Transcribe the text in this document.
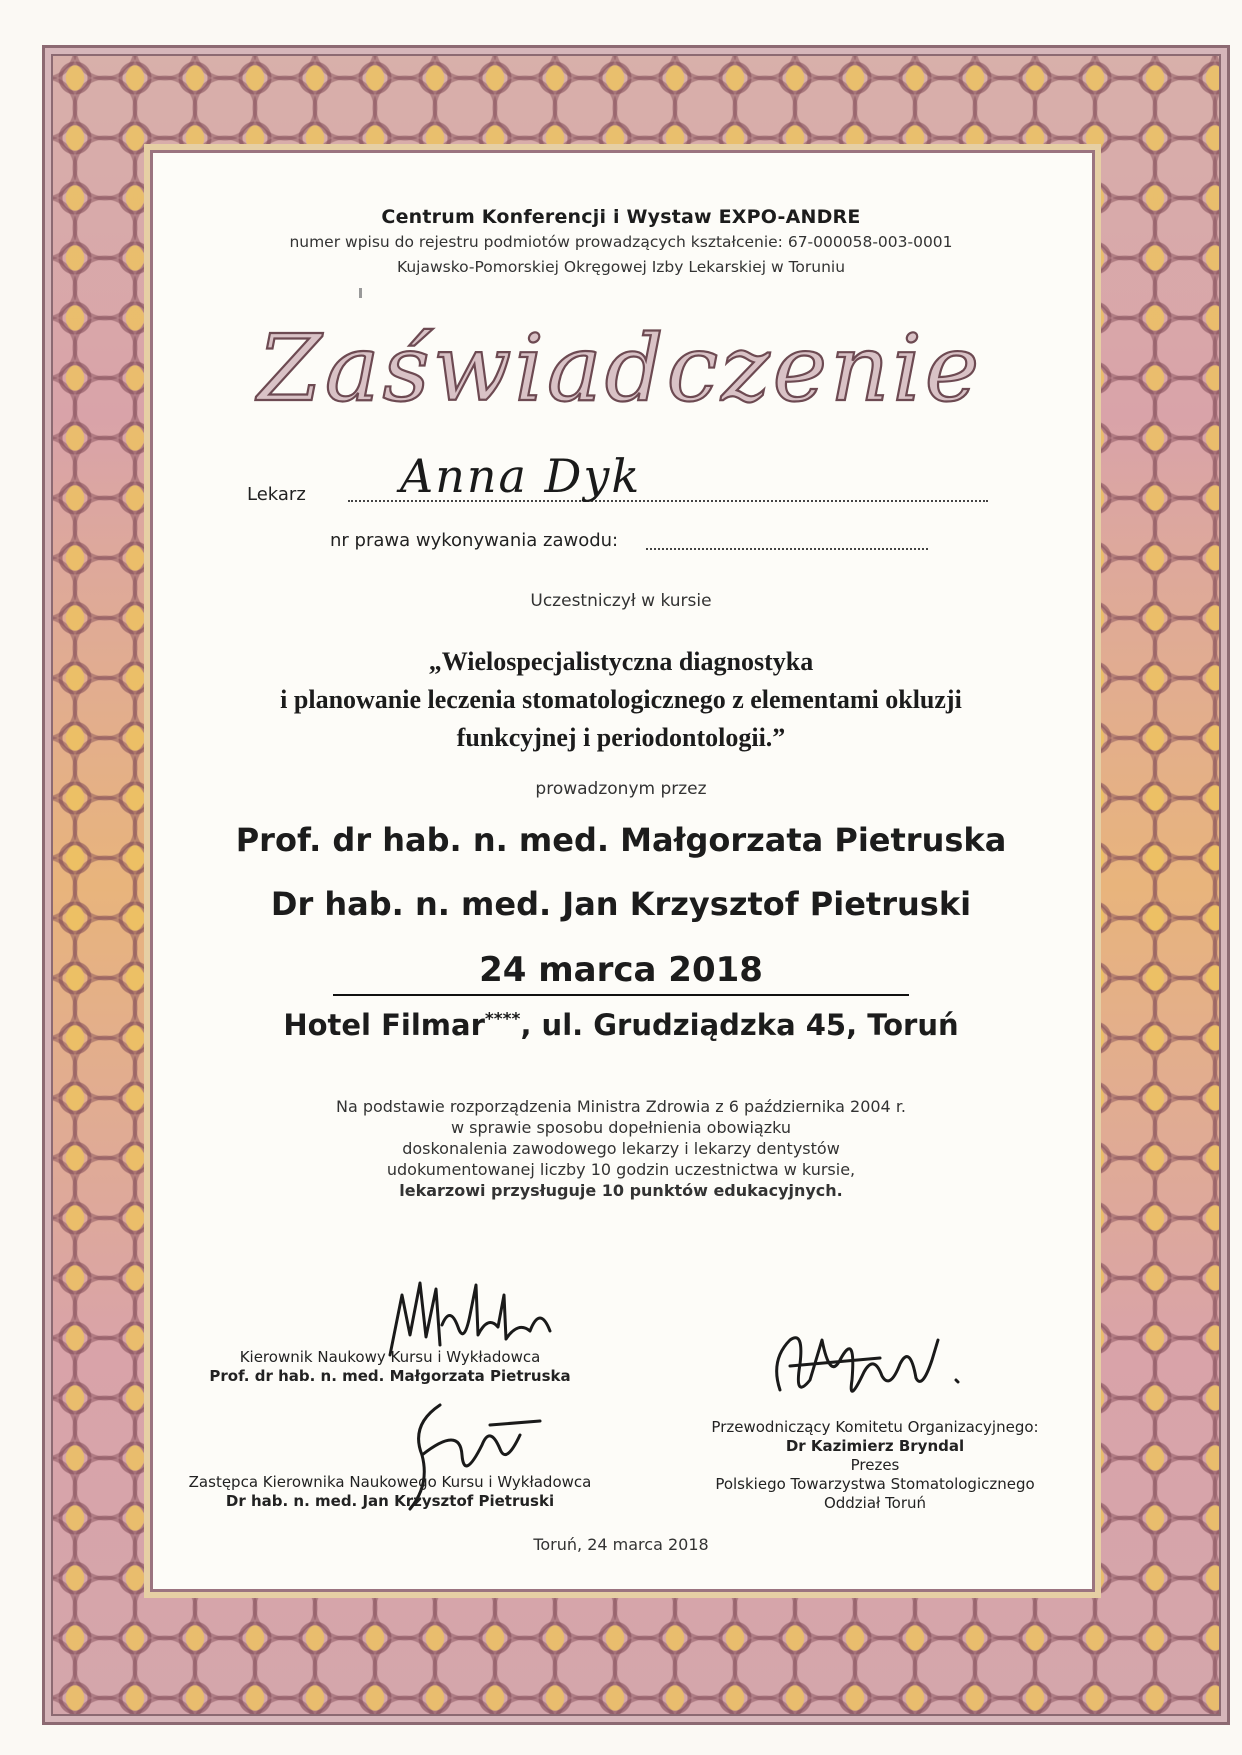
Centrum Konferencji i Wystaw EXPO-ANDRE
numer wpisu do rejestru podmiotów prowadzących kształcenie: 67-000058-003-0001
Kujawsko-Pomorskiej Okręgowej Izby Lekarskiej w Toruniu
Zaświadczenie
Lekarz Anna Dyk
nr prawa wykonywania zawodu:
Uczestniczył w kursie
„Wielospecjalistyczna diagnostyka
i planowanie leczenia stomatologicznego z elementami okluzji
funkcyjnej i periodontologii.”
prowadzonym przez
Prof. dr hab. n. med. Małgorzata Pietruska
Dr hab. n. med. Jan Krzysztof Pietruski
24 marca 2018
Hotel Filmar****, ul. Grudziądzka 45, Toruń
Na podstawie rozporządzenia Ministra Zdrowia z 6 października 2004 r.
w sprawie sposobu dopełnienia obowiązku
doskonalenia zawodowego lekarzy i lekarzy dentystów
udokumentowanej liczby 10 godzin uczestnictwa w kursie,
lekarzowi przysługuje 10 punktów edukacyjnych.
Kierownik Naukowy Kursu i Wykładowca
Prof. dr hab. n. med. Małgorzata Pietruska
Zastępca Kierownika Naukowego Kursu i Wykładowca
Dr hab. n. med. Jan Krzysztof Pietruski
Przewodniczący Komitetu Organizacyjnego:
Dr Kazimierz Bryndal
Prezes
Polskiego Towarzystwa Stomatologicznego
Oddział Toruń
Toruń, 24 marca 2018
